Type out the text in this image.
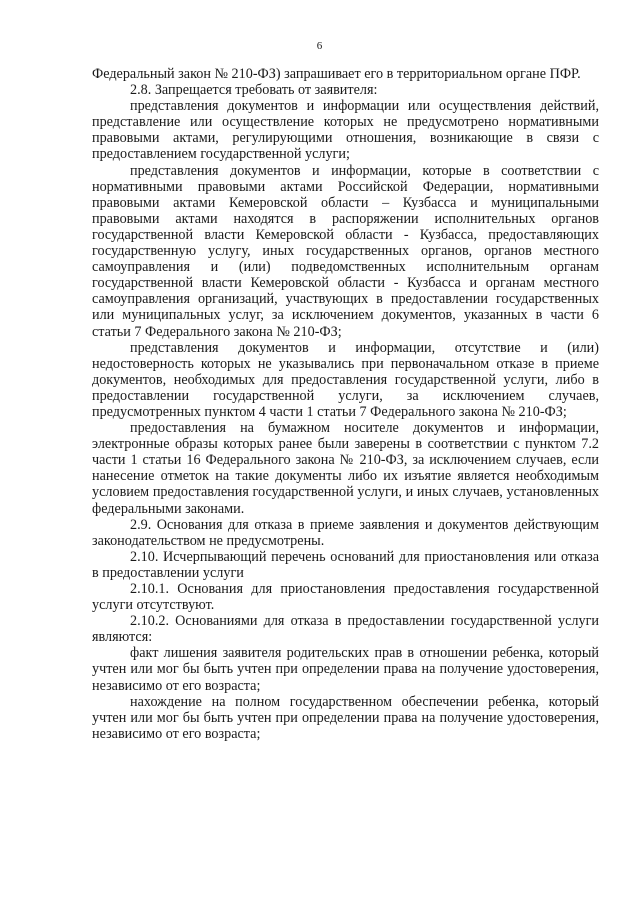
6

Федеральный закон № 210-ФЗ) запрашивает его в территориальном органе ПФР.

2.8. Запрещается требовать от заявителя:

представления документов и информации или осуществления действий, представление или осуществление которых не предусмотрено нормативными правовыми актами, регулирующими отношения, возникающие в связи с предоставлением государственной услуги;

представления документов и информации, которые в соответствии с нормативными правовыми актами Российской Федерации, нормативными правовыми актами Кемеровской области – Кузбасса и муниципальными правовыми актами находятся в распоряжении исполнительных органов государственной власти Кемеровской области - Кузбасса, предоставляющих государственную услугу, иных государственных органов, органов местного самоуправления и (или) подведомственных исполнительным органам государственной власти Кемеровской области - Кузбасса и органам местного самоуправления организаций, участвующих в предоставлении государственных или муниципальных услуг, за исключением документов, указанных в части 6 статьи 7 Федерального закона № 210-ФЗ;

представления документов и информации, отсутствие и (или) недостоверность которых не указывались при первоначальном отказе в приеме документов, необходимых для предоставления государственной услуги, либо в предоставлении государственной услуги, за исключением случаев, предусмотренных пунктом 4 части 1 статьи 7 Федерального закона № 210-ФЗ;

предоставления на бумажном носителе документов и информации, электронные образы которых ранее были заверены в соответствии с пунктом 7.2 части 1 статьи 16 Федерального закона № 210-ФЗ, за исключением случаев, если нанесение отметок на такие документы либо их изъятие является необходимым условием предоставления государственной услуги, и иных случаев, установленных федеральными законами.

2.9. Основания для отказа в приеме заявления и документов действующим законодательством не предусмотрены.

2.10. Исчерпывающий перечень оснований для приостановления или отказа в предоставлении услуги

2.10.1. Основания для приостановления предоставления государственной услуги отсутствуют.

2.10.2. Основаниями для отказа в предоставлении государственной услуги являются:

факт лишения заявителя родительских прав в отношении ребенка, который учтен или мог бы быть учтен при определении права на получение удостоверения, независимо от его возраста;

нахождение на полном государственном обеспечении ребенка, который учтен или мог бы быть учтен при определении права на получение удостоверения, независимо от его возраста;
